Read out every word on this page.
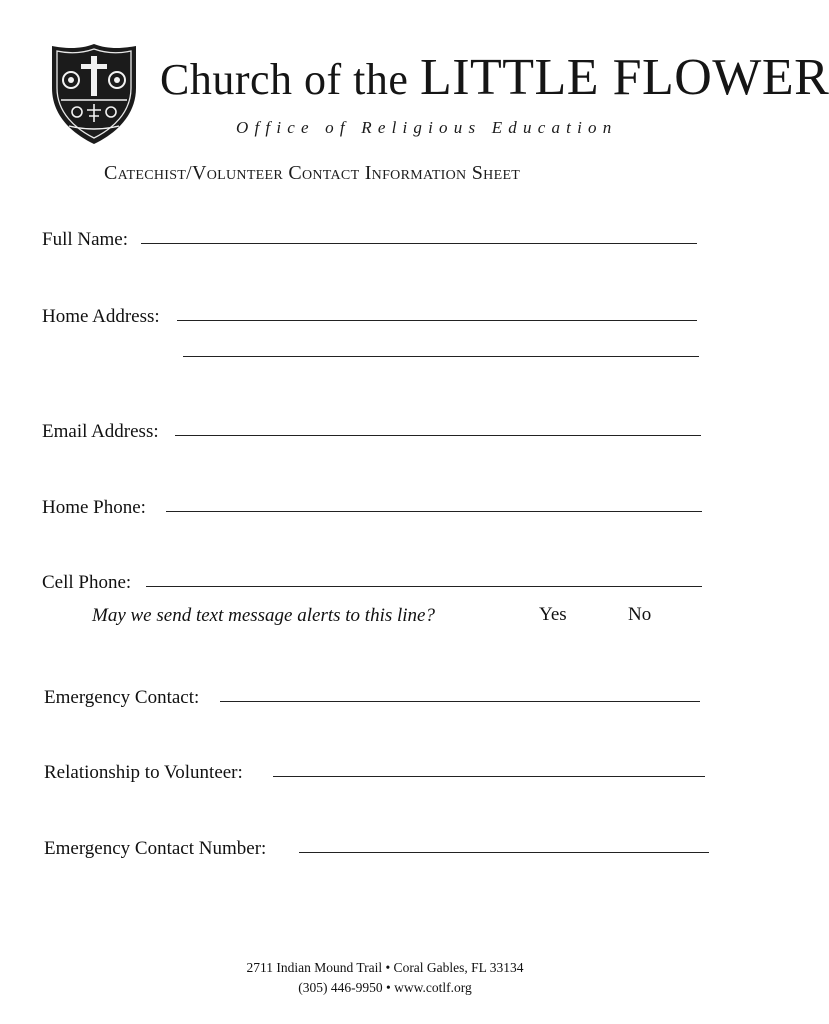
Church of the LITTLE FLOWER
Office of Religious Education
Catechist/Volunteer Contact Information Sheet
Full Name:
Home Address:
Email Address:
Home Phone:
Cell Phone:
May we send text message alerts to this line?	Yes	No
Emergency Contact:
Relationship to Volunteer:
Emergency Contact Number:
2711 Indian Mound Trail • Coral Gables, FL 33134
(305) 446-9950 • www.cotlf.org
